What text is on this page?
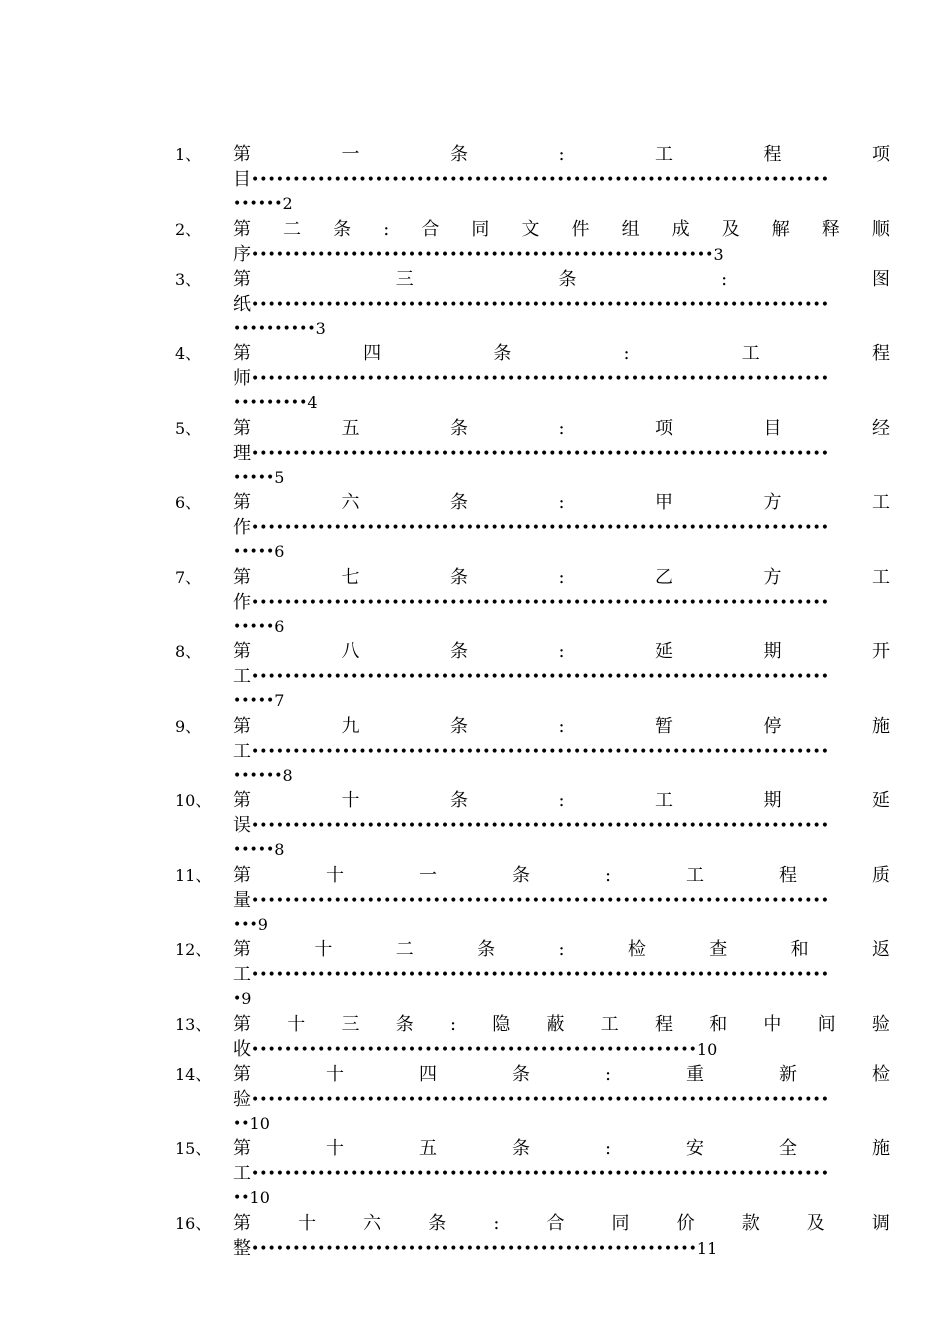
1、 第	一	条	:	工	程	项
目••••••••••••••••••••••••••••••••••••••••••••••••••••••••••••••••••••••
••••••2
2、 第 二 条 : 合 同 文 件 组 成 及 解 释 顺
序••••••••••••••••••••••••••••••••••••••••••••••••••••••••3
3、 第	三	条	:	图
纸••••••••••••••••••••••••••••••••••••••••••••••••••••••••••••••••••••••
••••••••••3
4、 第	四	条	:	工	程
师••••••••••••••••••••••••••••••••••••••••••••••••••••••••••••••••••••••
•••••••••4
5、 第	五	条	:	项	目	经
理••••••••••••••••••••••••••••••••••••••••••••••••••••••••••••••••••••••
•••••5
6、 第	六	条	:	甲	方	工
作••••••••••••••••••••••••••••••••••••••••••••••••••••••••••••••••••••••
•••••6
7、 第	七	条	:	乙	方	工
作••••••••••••••••••••••••••••••••••••••••••••••••••••••••••••••••••••••
•••••6
8、 第	八	条	:	延	期	开
工••••••••••••••••••••••••••••••••••••••••••••••••••••••••••••••••••••••
•••••7
9、 第	九	条	:	暂	停	施
工••••••••••••••••••••••••••••••••••••••••••••••••••••••••••••••••••••••
••••••8
10、 第	十	条	:	工	期	延
误••••••••••••••••••••••••••••••••••••••••••••••••••••••••••••••••••••••
•••••8
11、 第	十	一	条	:	工	程	质
量••••••••••••••••••••••••••••••••••••••••••••••••••••••••••••••••••••••
•••9
12、 第	十	二	条	:	检	查	和	返
工••••••••••••••••••••••••••••••••••••••••••••••••••••••••••••••••••••••
•9
13、 第 十 三 条 : 隐 蔽 工 程 和 中 间 验
收••••••••••••••••••••••••••••••••••••••••••••••••••••••10
14、 第	十	四	条	:	重	新	检
验••••••••••••••••••••••••••••••••••••••••••••••••••••••••••••••••••••••
••10
15、 第	十	五	条	:	安	全	施
工••••••••••••••••••••••••••••••••••••••••••••••••••••••••••••••••••••••
••10
16、 第	十	六	条	:	合	同	价	款	及	调
整••••••••••••••••••••••••••••••••••••••••••••••••••••••11
